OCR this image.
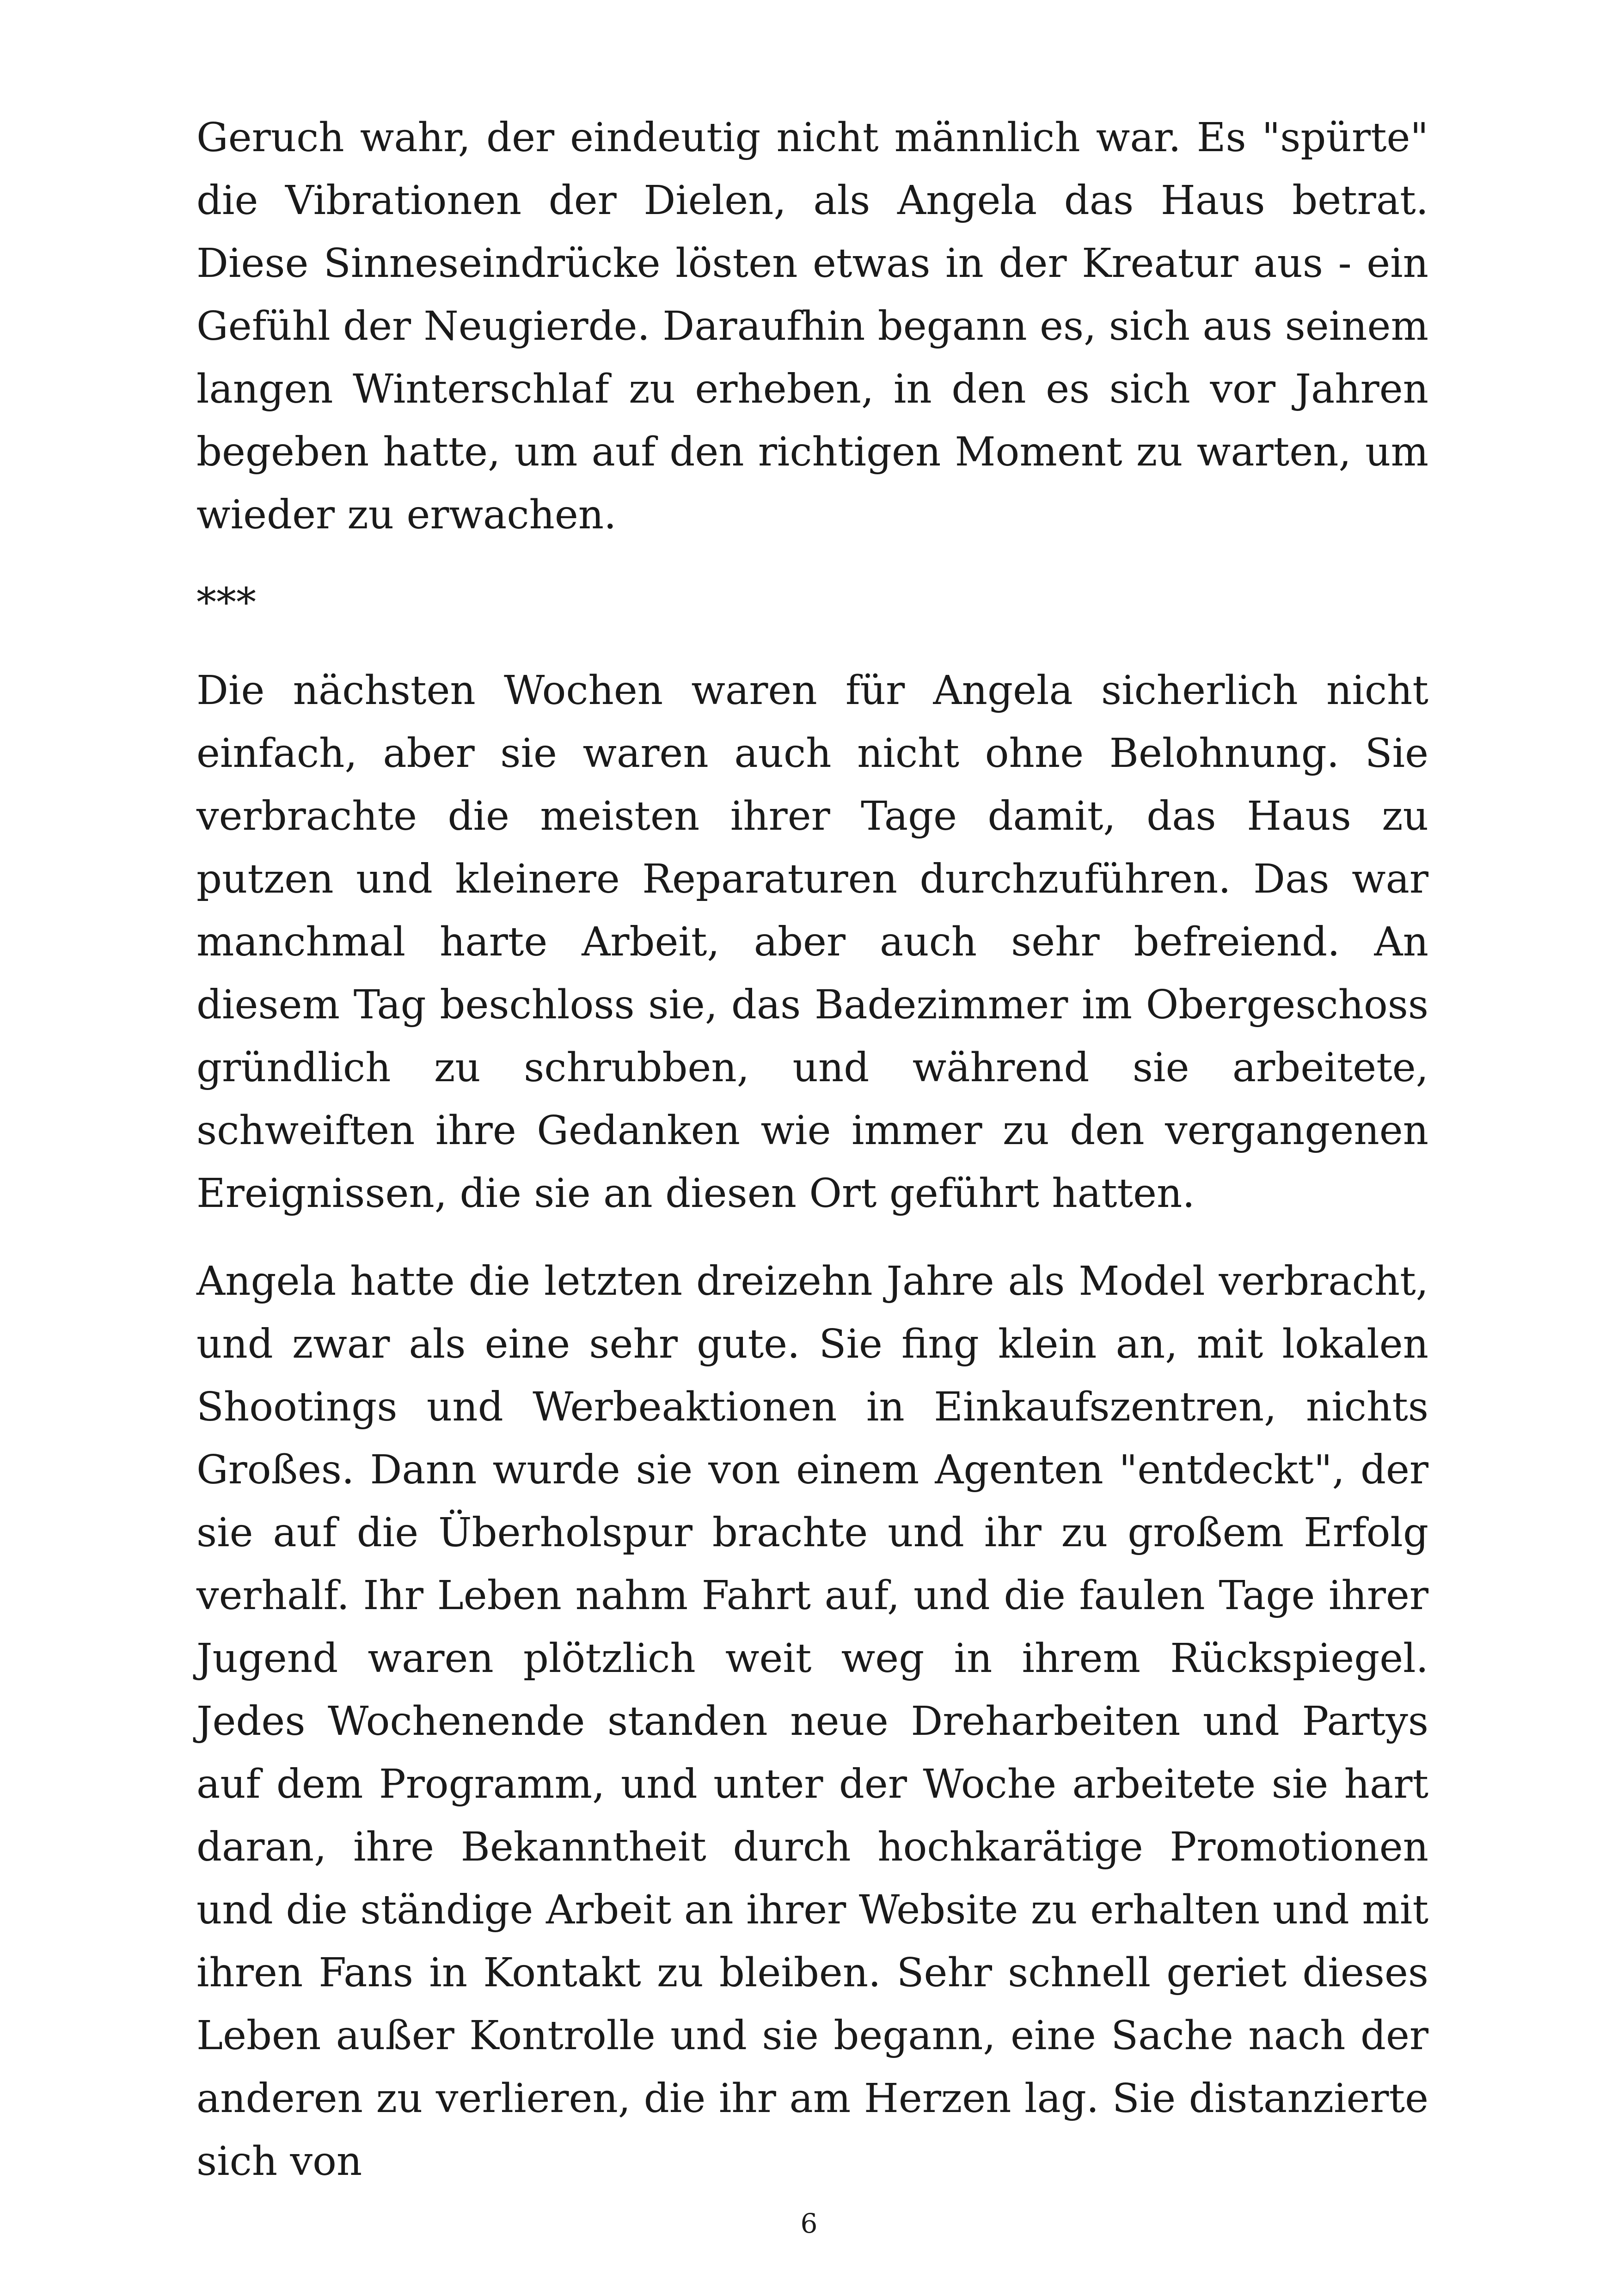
Geruch wahr, der eindeutig nicht männlich war. Es "spürte" die Vibrationen der Dielen, als Angela das Haus betrat. Diese Sinneseindrücke lösten etwas in der Kreatur aus - ein Gefühl der Neugierde. Daraufhin begann es, sich aus seinem langen Winterschlaf zu erheben, in den es sich vor Jahren begeben hatte, um auf den richtigen Moment zu warten, um wieder zu erwachen.

***

Die nächsten Wochen waren für Angela sicherlich nicht einfach, aber sie waren auch nicht ohne Belohnung. Sie verbrachte die meisten ihrer Tage damit, das Haus zu putzen und kleinere Reparaturen durchzuführen. Das war manchmal harte Arbeit, aber auch sehr befreiend. An diesem Tag beschloss sie, das Badezimmer im Obergeschoss gründlich zu schrubben, und während sie arbeitete, schweiften ihre Gedanken wie immer zu den vergangenen Ereignissen, die sie an diesen Ort geführt hatten.

Angela hatte die letzten dreizehn Jahre als Model verbracht, und zwar als eine sehr gute. Sie fing klein an, mit lokalen Shootings und Werbeaktionen in Einkaufszentren, nichts Großes. Dann wurde sie von einem Agenten "entdeckt", der sie auf die Überholspur brachte und ihr zu großem Erfolg verhalf. Ihr Leben nahm Fahrt auf, und die faulen Tage ihrer Jugend waren plötzlich weit weg in ihrem Rückspiegel. Jedes Wochenende standen neue Dreharbeiten und Partys auf dem Programm, und unter der Woche arbeitete sie hart daran, ihre Bekanntheit durch hochkarätige Promotionen und die ständige Arbeit an ihrer Website zu erhalten und mit ihren Fans in Kontakt zu bleiben. Sehr schnell geriet dieses Leben außer Kontrolle und sie begann, eine Sache nach der anderen zu verlieren, die ihr am Herzen lag. Sie distanzierte sich von

6
